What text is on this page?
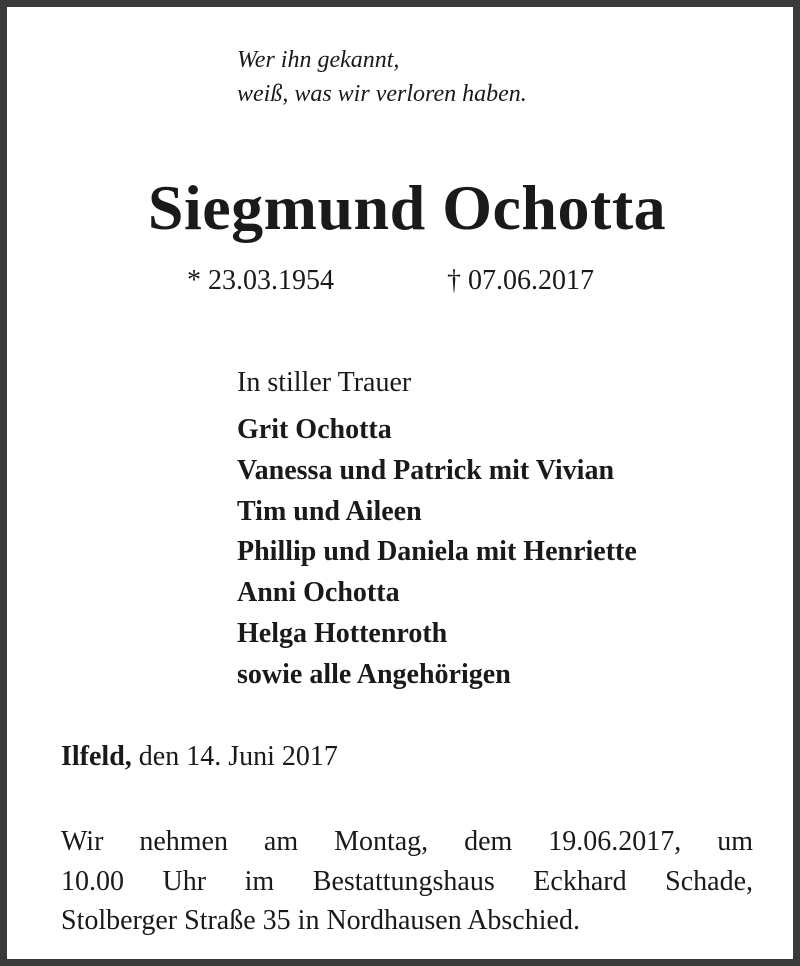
Wer ihn gekannt,
weiß, was wir verloren haben.
Siegmund Ochotta
* 23.03.1954	† 07.06.2017
In stiller Trauer
Grit Ochotta
Vanessa und Patrick mit Vivian
Tim und Aileen
Phillip und Daniela mit Henriette
Anni Ochotta
Helga Hottenroth
sowie alle Angehörigen
Ilfeld, den 14. Juni 2017
Wir nehmen am Montag, dem 19.06.2017, um
10.00 Uhr im Bestattungshaus Eckhard Schade,
Stolberger Straße 35 in Nordhausen Abschied.
